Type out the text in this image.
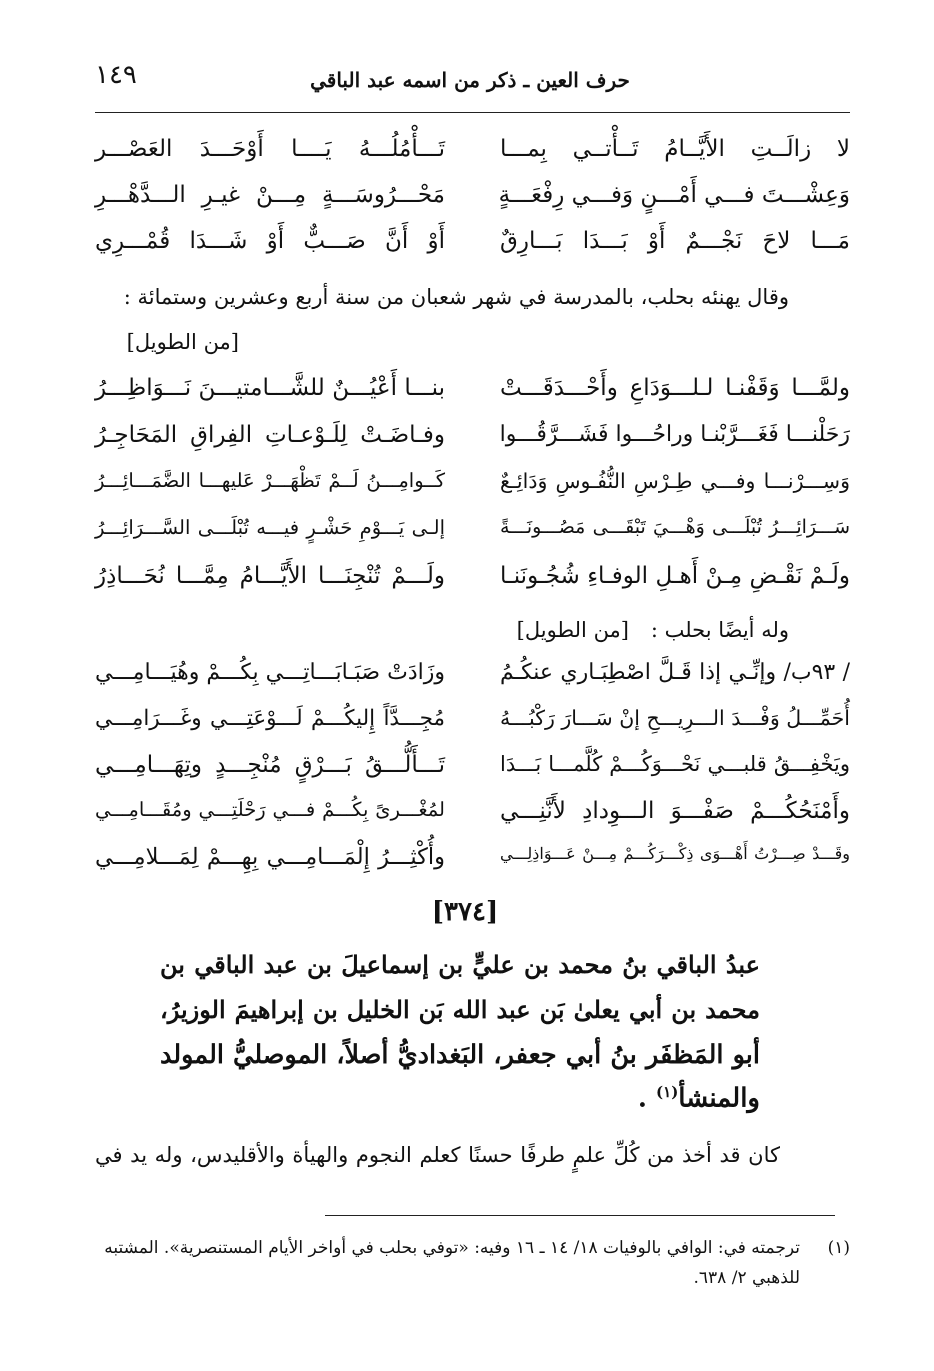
١٤٩	حرف العين ـ ذكر من اسمه عبد الباقي
لا زالَــتِ الأَيَّــامُ تَــأْتــي بِمـــا
تَـــأْمُلُـــهُ يَــــا أَوْحَـــدَ العَصْـــر
وَعِشْـــتَ فـــي أَمْـــنٍ وَفـــي رِفْعَـــةٍ
مَحْـــرُوسَـــةٍ مِـــنْ غيـرِ الـــدَّهْـــرِ
مَـــا لاحَ نَجْـــمٌ أَوْ بَـــدَا بَـــارِقٌ
أَوْ أَنَّ صَـــبٌّ أَوْ شَـــدَا قُمْـــرِي
وقال يهنئه بحلب، بالمدرسة في شهر شعبان من سنة أربع وعشرين وستمائة :
[من الطويل]
ولمَّـــا وَقَفْنـا لـلـــوَدَاعِ وأَحْـــدَقَـــتْ
بنـــا أَعْيُـــنٌ للشَّـــامتيـــنَ نَـــوَاظِـــرُ
رَحَلْنـــا فَغَـــرَّبْنـا وراحُـــوا فَشَـــرَّقُـــوا
وفـاضَـتْ لِلَـوْعـاتِ الفِراقِ المَحَاجِـرُ
وَسِـــرْنـــا وفـــي طِـرْسِ النُّفُـوسِ وَدَائِـعٌ
كَــوامِـــنُ لَــمْ تَظْهَـــرْ عَليهـــا الضَّمَـــائِـــرُ
سَـــرَائِـــرُ تُبْلَـــى وَهْـــيَ تَبْقَـــى مَصُـــونَـــةً
إلـى يَـــوْمِ حَشْـرٍ فيـــه تُبْلَـــى السَّـــرَائِـــرُ
ولَـمْ نَقْـضِ مِـنْ أَهـلِ الوفـاءِ شُجُـونَنـا
ولَـــمْ تُنْجِنَـــا الأَيَّـــامُ مِمَّـــا نُحَـــاذِرُ
وله أيضًا بحلب :
[من الطويل]
/ ٩٣ب/ وإنِّـي إذا قَـلَّ اصْطِبَـاري عنكُـمُ
وزَادَتْ صَبَـابَـــاتِـــي بِكُـــمْ وهُيَـــامِـــي
أُحَمِّـــلُ وَفْـــدَ الـــرِيـــحِ إنْ سَـــارَ رَكْبُـــهُ
مُجِـــدَّاً إِليكُـــمْ لَـــوْعَتِـــي وغَـــرَامِـــي
ويَخْفِـــقُ قلبـــي نَحْـــوَكُـــمْ كُلَّمـــا بَـــدَا
تَـــأَلُّـــقُ بَـــرْقٍ مُنْجِـــدٍ وتِهَـــامِـــي
وأَمْنَحُكُـــمْ صَفْـــوَ الـــوِدادِ لأَنَّنِـــي
لمُغْـــرىً بِكُـــمْ فـــي رَحْلَتِـــي ومُقَـــامِـــي
وقَـــدْ صِـــرْتُ أَهْـــوَى ذِكْـــرَكُـــمْ مِـــنْ عَـــوَاذِلِـــي
وأُكْثِـــرُ إِلْمَـــامِـــي بِهِـــمْ لِمَـــلامِـــي
[٣٧٤]
عبدُ الباقي بنُ محمد بن عليٍّ بن إسماعيلَ بن عبد الباقي بن
محمد بن أبي يعلىٰ بَن عبد الله بَن الخليل بن إبراهيمَ الوزيرُ،
أبو المَظفَر بنُ أبي جعفر، البَغداديُّ أصلاً، الموصليُّ المولد
والمنشأ$^{(١)}$ .
كان قد أخذ من كُلِّ علمٍ طرفًا حسنًا كعلم النجوم والهيأة والأقليدس، وله يد في
(١)ترجمته في: الوافي بالوفيات ١٨/ ١٤ ـ ١٦ وفيه: «توفي بحلب في أواخر الأيام المستنصرية». المشتبه
للذهبي ٢/ ٦٣٨.
